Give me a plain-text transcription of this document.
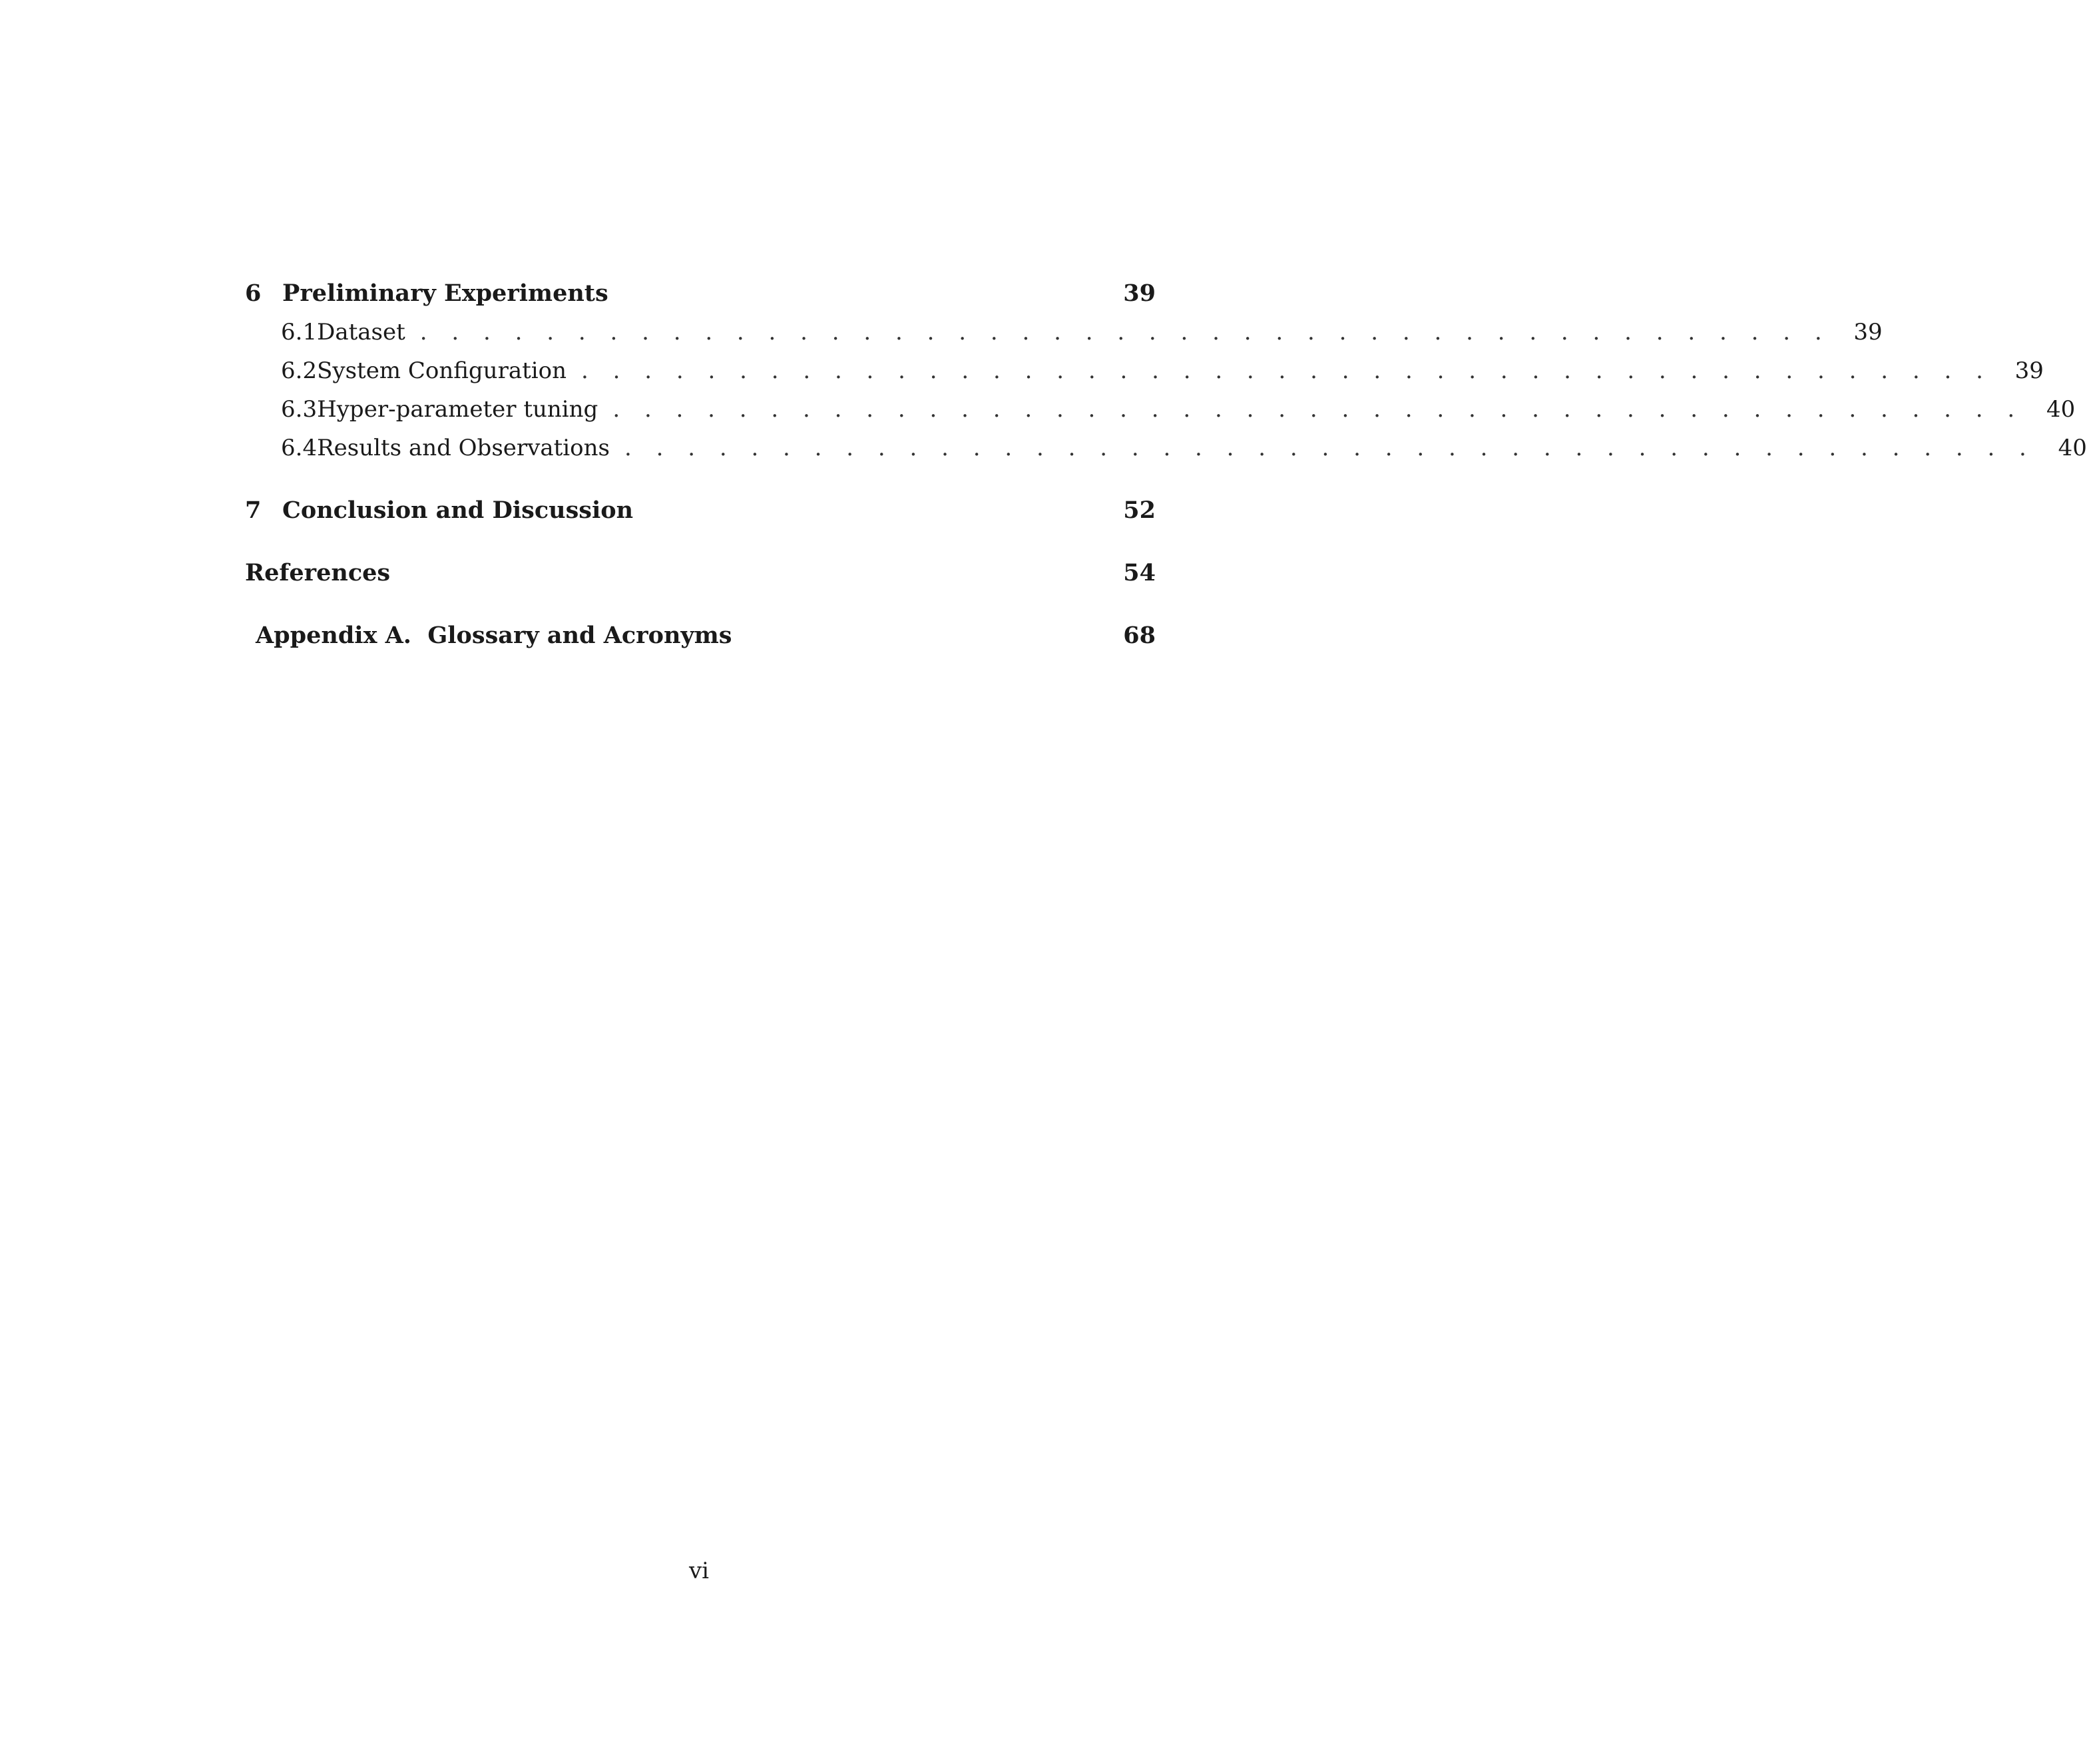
6 Preliminary Experiments	39
6.1 Dataset . . . . . . . . . . . . . . . . . . . . . . . . . . . . . . . . . . . . . . . . . . . . . 39
6.2 System Configuration . . . . . . . . . . . . . . . . . . . . . . . . . . . . . . . . . . . . . . . . . . . . . 39
6.3 Hyper-parameter tuning . . . . . . . . . . . . . . . . . . . . . . . . . . . . . . . . . . . . . . . . . . . . . 40
6.4 Results and Observations . . . . . . . . . . . . . . . . . . . . . . . . . . . . . . . . . . . . . . . . . . . . . 40
7 Conclusion and Discussion	52
References	54
Appendix A.  Glossary and Acronyms	68
vi
